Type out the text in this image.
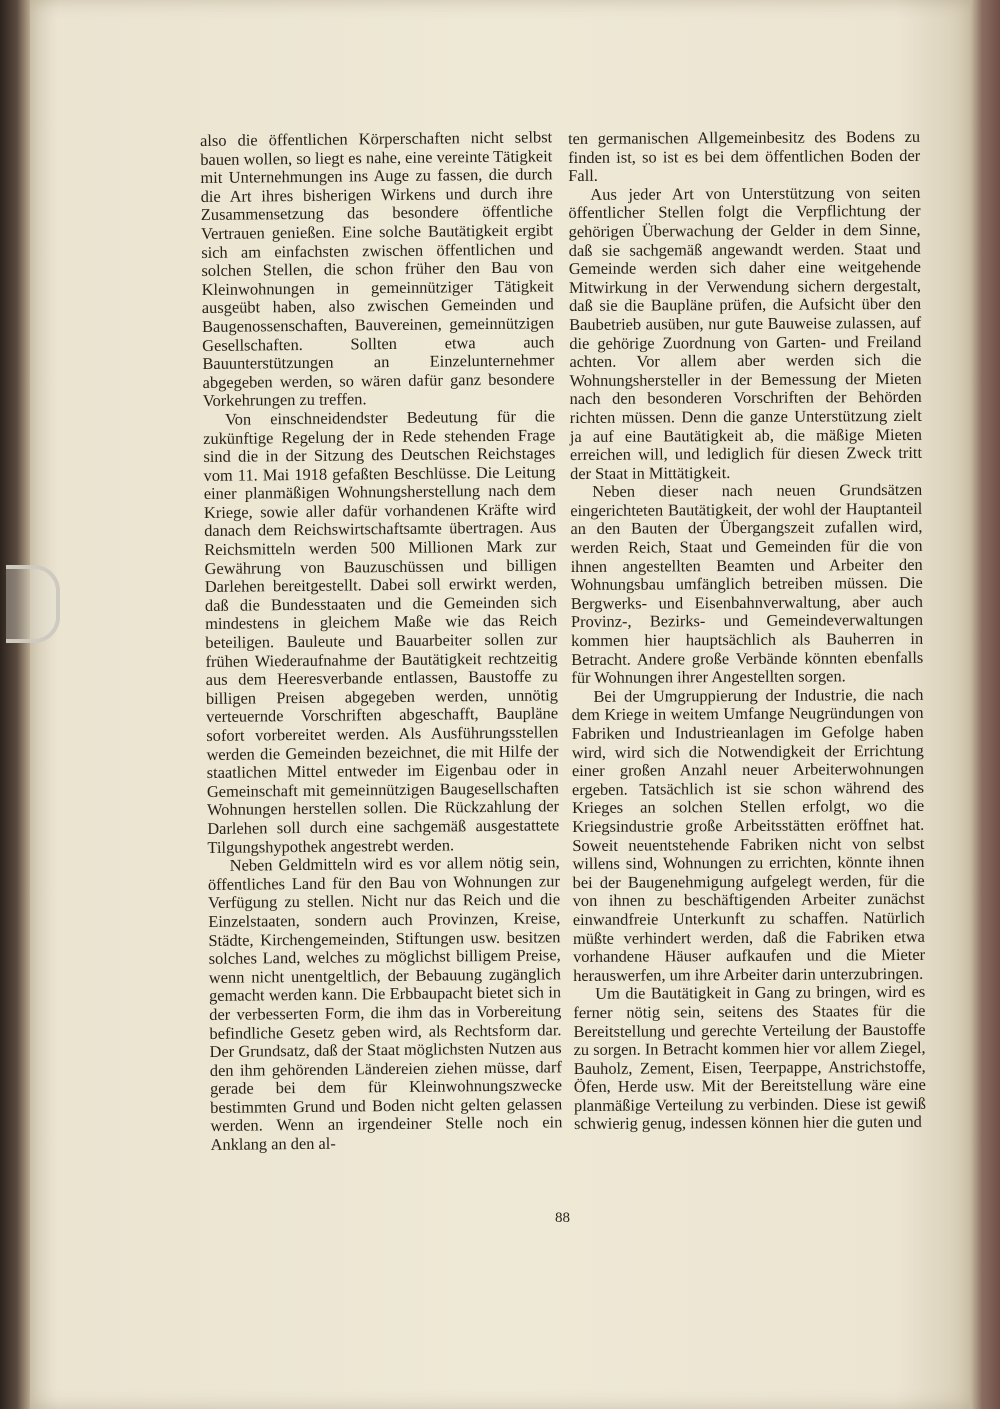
also die öffentlichen Körperschaften nicht selbst bauen wollen, so liegt es nahe, eine vereinte Tätigkeit mit Unternehmungen ins Auge zu fassen, die durch die Art ihres bisherigen Wirkens und durch ihre Zusammensetzung das besondere öffentliche Vertrauen genießen. Eine solche Bautätigkeit ergibt sich am einfachsten zwischen öffentlichen und solchen Stellen, die schon früher den Bau von Kleinwohnungen in gemeinnütziger Tätigkeit ausgeübt haben, also zwischen Gemeinden und Baugenossenschaften, Bauvereinen, gemeinnützigen Gesellschaften. Sollten etwa auch Bauunterstützungen an Einzelunternehmer abgegeben werden, so wären dafür ganz besondere Vorkehrungen zu treffen.

Von einschneidendster Bedeutung für die zukünftige Regelung der in Rede stehenden Frage sind die in der Sitzung des Deutschen Reichstages vom 11. Mai 1918 gefaßten Beschlüsse. Die Leitung einer planmäßigen Wohnungsherstellung nach dem Kriege, sowie aller dafür vorhandenen Kräfte wird danach dem Reichswirtschaftsamte übertragen. Aus Reichsmitteln werden 500 Millionen Mark zur Gewährung von Bauzuschüssen und billigen Darlehen bereitgestellt. Dabei soll erwirkt werden, daß die Bundesstaaten und die Gemeinden sich mindestens in gleichem Maße wie das Reich beteiligen. Bauleute und Bauarbeiter sollen zur frühen Wiederaufnahme der Bautätigkeit rechtzeitig aus dem Heeresverbande entlassen, Baustoffe zu billigen Preisen abgegeben werden, unnötig verteuernde Vorschriften abgeschafft, Baupläne sofort vorbereitet werden. Als Ausführungsstellen werden die Gemeinden bezeichnet, die mit Hilfe der staatlichen Mittel entweder im Eigenbau oder in Gemeinschaft mit gemeinnützigen Baugesellschaften Wohnungen herstellen sollen. Die Rückzahlung der Darlehen soll durch eine sachgemäß ausgestattete Tilgungshypothek angestrebt werden.

Neben Geldmitteln wird es vor allem nötig sein, öffentliches Land für den Bau von Wohnungen zur Verfügung zu stellen. Nicht nur das Reich und die Einzelstaaten, sondern auch Provinzen, Kreise, Städte, Kirchengemeinden, Stiftungen usw. besitzen solches Land, welches zu möglichst billigem Preise, wenn nicht unentgeltlich, der Bebauung zugänglich gemacht werden kann. Die Erbbaupacht bietet sich in der verbesserten Form, die ihm das in Vorbereitung befindliche Gesetz geben wird, als Rechtsform dar. Der Grundsatz, daß der Staat möglichsten Nutzen aus den ihm gehörenden Ländereien ziehen müsse, darf gerade bei dem für Kleinwohnungszwecke bestimmten Grund und Boden nicht gelten gelassen werden. Wenn an irgendeiner Stelle noch ein Anklang an den al-

ten germanischen Allgemeinbesitz des Bodens zu finden ist, so ist es bei dem öffentlichen Boden der Fall.

Aus jeder Art von Unterstützung von seiten öffentlicher Stellen folgt die Verpflichtung der gehörigen Überwachung der Gelder in dem Sinne, daß sie sachgemäß angewandt werden. Staat und Gemeinde werden sich daher eine weitgehende Mitwirkung in der Verwendung sichern dergestalt, daß sie die Baupläne prüfen, die Aufsicht über den Baubetrieb ausüben, nur gute Bauweise zulassen, auf die gehörige Zuordnung von Garten- und Freiland achten. Vor allem aber werden sich die Wohnungshersteller in der Bemessung der Mieten nach den besonderen Vorschriften der Behörden richten müssen. Denn die ganze Unterstützung zielt ja auf eine Bautätigkeit ab, die mäßige Mieten erreichen will, und lediglich für diesen Zweck tritt der Staat in Mittätigkeit.

Neben dieser nach neuen Grundsätzen eingerichteten Bautätigkeit, der wohl der Hauptanteil an den Bauten der Übergangszeit zufallen wird, werden Reich, Staat und Gemeinden für die von ihnen angestellten Beamten und Arbeiter den Wohnungsbau umfänglich betreiben müssen. Die Bergwerks- und Eisenbahnverwaltung, aber auch Provinz-, Bezirks- und Gemeindeverwaltungen kommen hier hauptsächlich als Bauherren in Betracht. Andere große Verbände könnten ebenfalls für Wohnungen ihrer Angestellten sorgen.

Bei der Umgruppierung der Industrie, die nach dem Kriege in weitem Umfange Neugründungen von Fabriken und Industrieanlagen im Gefolge haben wird, wird sich die Notwendigkeit der Errichtung einer großen Anzahl neuer Arbeiterwohnungen ergeben. Tatsächlich ist sie schon während des Krieges an solchen Stellen erfolgt, wo die Kriegsindustrie große Arbeitsstätten eröffnet hat. Soweit neuentstehende Fabriken nicht von selbst willens sind, Wohnungen zu errichten, könnte ihnen bei der Baugenehmigung aufgelegt werden, für die von ihnen zu beschäftigenden Arbeiter zunächst einwandfreie Unterkunft zu schaffen. Natürlich müßte verhindert werden, daß die Fabriken etwa vorhandene Häuser aufkaufen und die Mieter herauswerfen, um ihre Arbeiter darin unterzubringen.

Um die Bautätigkeit in Gang zu bringen, wird es ferner nötig sein, seitens des Staates für die Bereitstellung und gerechte Verteilung der Baustoffe zu sorgen. In Betracht kommen hier vor allem Ziegel, Bauholz, Zement, Eisen, Teerpappe, Anstrichstoffe, Öfen, Herde usw. Mit der Bereitstellung wäre eine planmäßige Verteilung zu verbinden. Diese ist gewiß schwierig genug, indessen können hier die guten und

88
